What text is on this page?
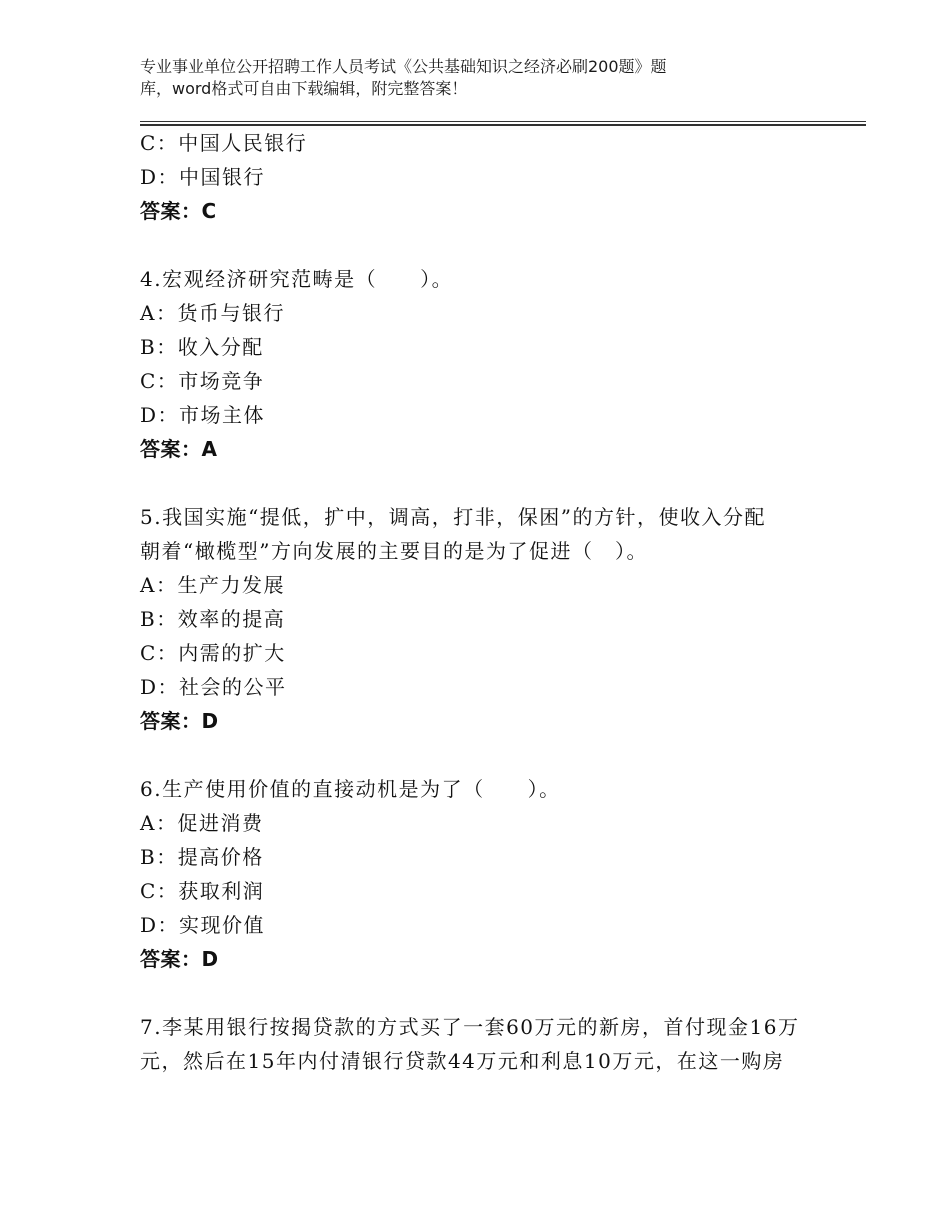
专业事业单位公开招聘工作人员考试《公共基础知识之经济必刷200题》题
库，word格式可自由下载编辑，附完整答案！
C：中国人民银行
D：中国银行
答案：C
4.宏观经济研究范畴是（　　）。
A：货币与银行
B：收入分配
C：市场竞争
D：市场主体
答案：A
5.我国实施“提低，扩中，调高，打非，保困”的方针，使收入分配
朝着“橄榄型”方向发展的主要目的是为了促进（　）。
A：生产力发展
B：效率的提高
C：内需的扩大
D：社会的公平
答案：D
6.生产使用价值的直接动机是为了（　　）。
A：促进消费
B：提高价格
C：获取利润
D：实现价值
答案：D
7.李某用银行按揭贷款的方式买了一套60万元的新房，首付现金16万
元，然后在15年内付清银行贷款44万元和利息10万元，在这一购房
